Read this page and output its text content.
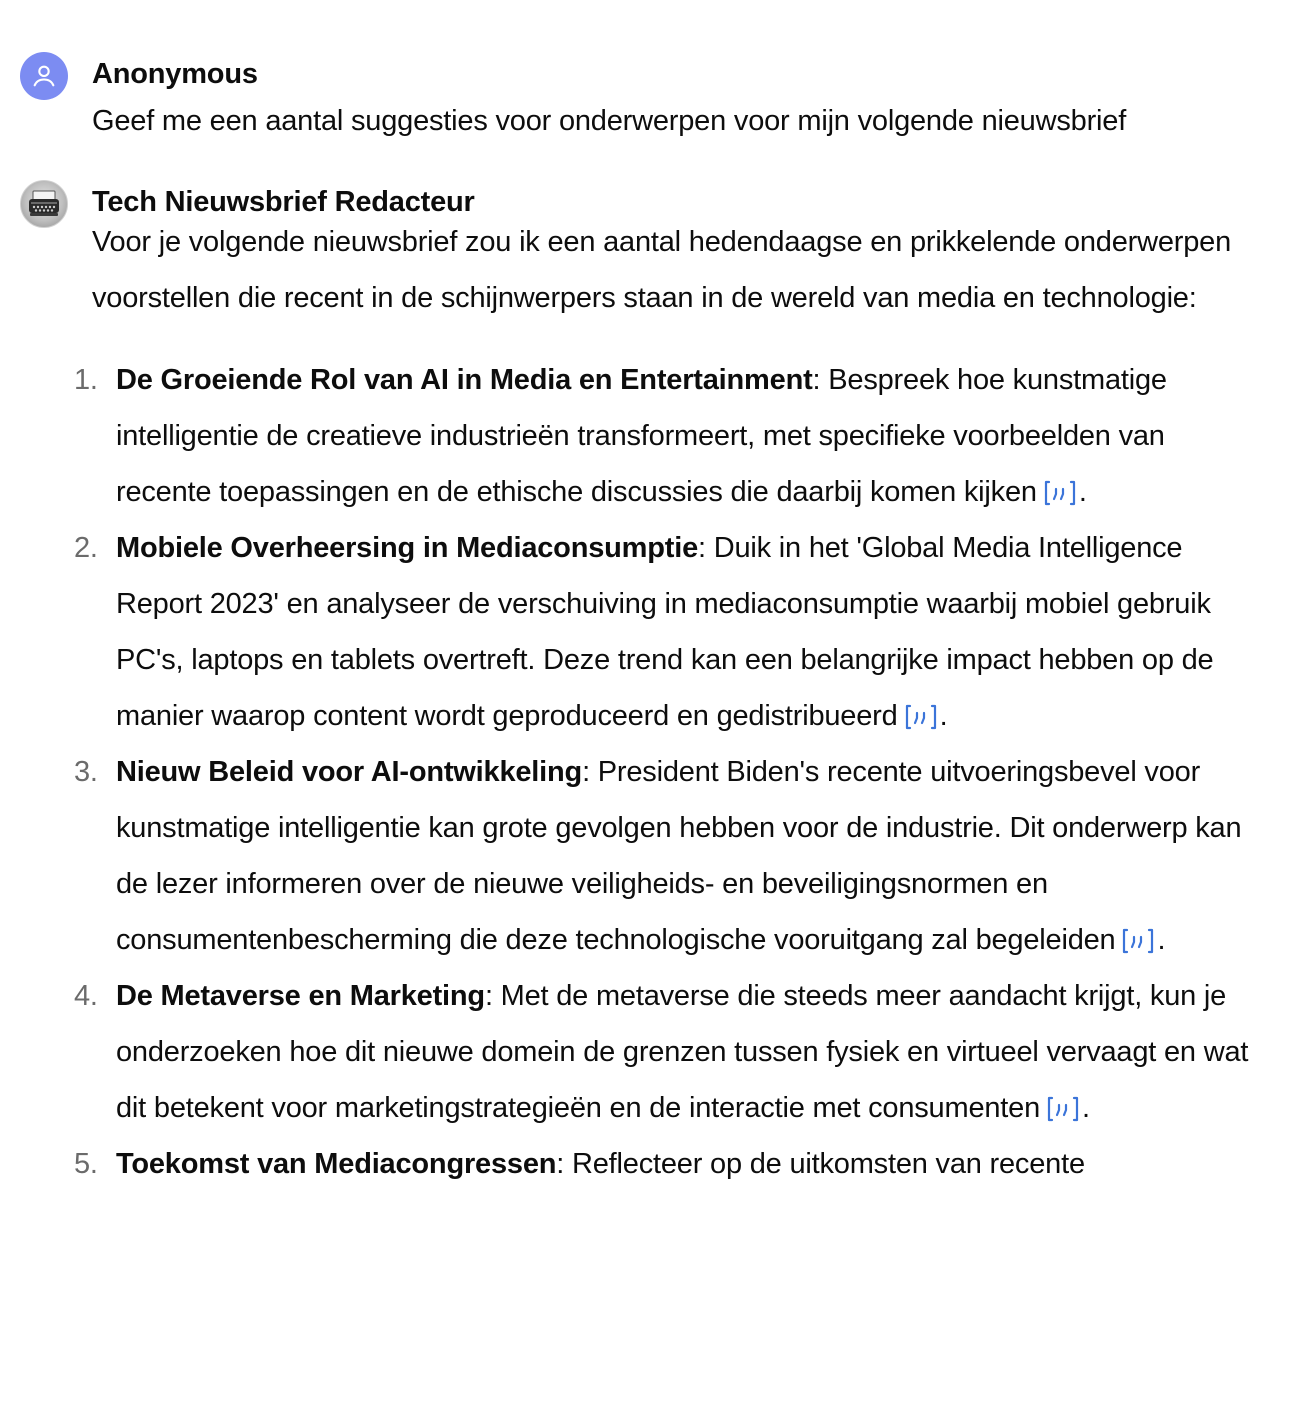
Anonymous
Geef me een aantal suggesties voor onderwerpen voor mijn volgende nieuwsbrief
Tech Nieuwsbrief Redacteur
Voor je volgende nieuwsbrief zou ik een aantal hedendaagse en prikkelende onderwerpen voorstellen die recent in de schijnwerpers staan in de wereld van media en technologie:
1. De Groeiende Rol van AI in Media en Entertainment: Bespreek hoe kunstmatige intelligentie de creatieve industrieën transformeert, met specifieke voorbeelden van recente toepassingen en de ethische discussies die daarbij komen kijken .
2. Mobiele Overheersing in Mediaconsumptie: Duik in het 'Global Media Intelligence Report 2023' en analyseer de verschuiving in mediaconsumptie waarbij mobiel gebruik PC's, laptops en tablets overtreft. Deze trend kan een belangrijke impact hebben op de manier waarop content wordt geproduceerd en gedistribueerd .
3. Nieuw Beleid voor AI-ontwikkeling: President Biden's recente uitvoeringsbevel voor kunstmatige intelligentie kan grote gevolgen hebben voor de industrie. Dit onderwerp kan de lezer informeren over de nieuwe veiligheids- en beveiligingsnormen en consumentenbescherming die deze technologische vooruitgang zal begeleiden .
4. De Metaverse en Marketing: Met de metaverse die steeds meer aandacht krijgt, kun je onderzoeken hoe dit nieuwe domein de grenzen tussen fysiek en virtueel vervaagt en wat dit betekent voor marketingstrategieën en de interactie met consumenten .
5. Toekomst van Mediacongressen: Reflecteer op de uitkomsten van recente
